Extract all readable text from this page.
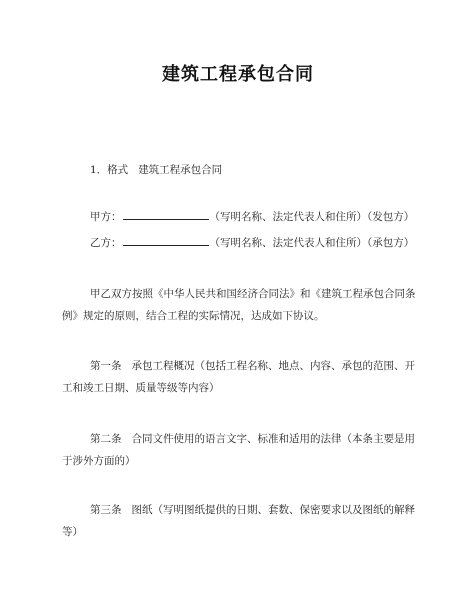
建筑工程承包合同
1．格式 建筑工程承包合同
甲方：	（写明名称、法定代表人和住所）（发包方）
乙方：	（写明名称、法定代表人和住所）（承包方）
甲乙双方按照《中华人民共和国经济合同法》和《建筑工程承包合同条例》规定的原则，结合工程的实际情况，达成如下协议。
第一条 承包工程概况（包括工程名称、地点、内容、承包的范围、开工和竣工日期、质量等级等内容）
第二条 合同文件使用的语言文字、标准和适用的法律（本条主要是用于涉外方面的）
第三条 图纸（写明图纸提供的日期、套数、保密要求以及图纸的解释等）
